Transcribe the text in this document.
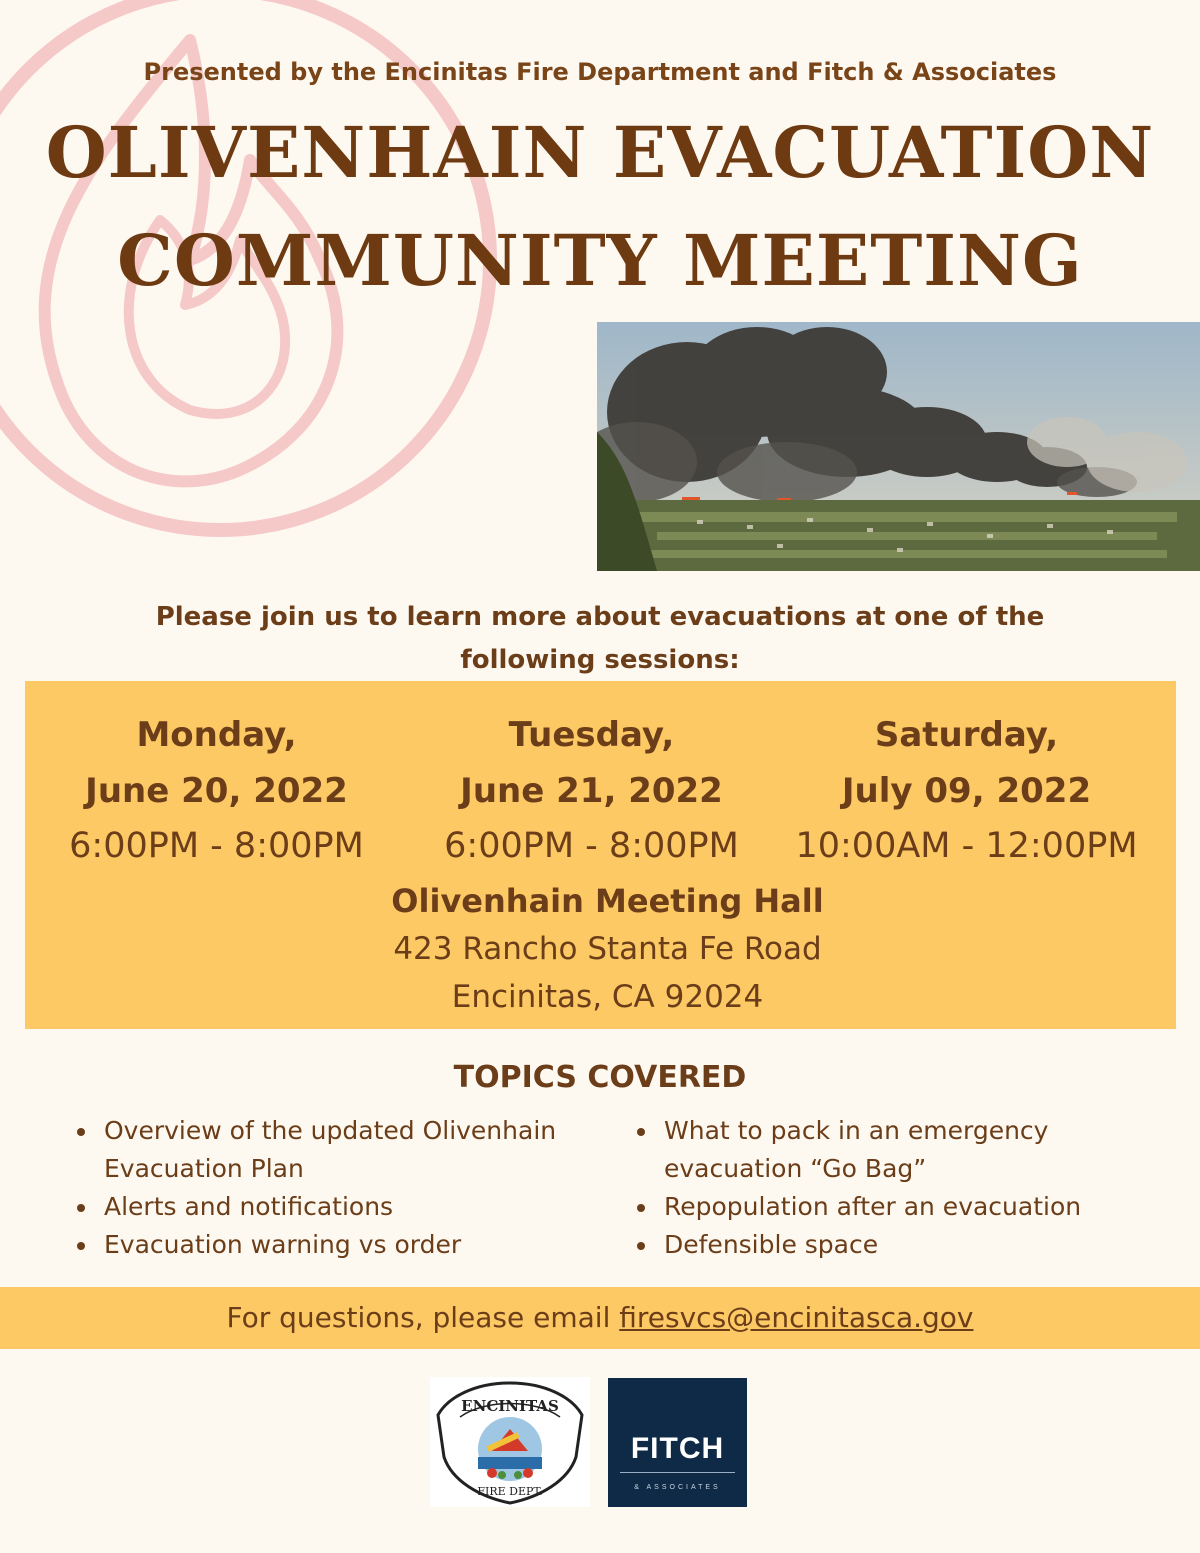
Presented by the Encinitas Fire Department and Fitch & Associates
OLIVENHAIN EVACUATION
COMMUNITY MEETING
Please join us to learn more about evacuations at one of the following sessions:
Monday,
June 20, 2022
6:00PM - 8:00PM
Tuesday,
June 21, 2022
6:00PM - 8:00PM
Saturday,
July 09, 2022
10:00AM - 12:00PM
Olivenhain Meeting Hall
423 Rancho Stanta Fe Road
Encinitas, CA 92024
TOPICS COVERED
Overview of the updated Olivenhain Evacuation Plan
Alerts and notifications
Evacuation warning vs order
What to pack in an emergency evacuation “Go Bag”
Repopulation after an evacuation
Defensible space
For questions, please email firesvcs@encinitasca.gov
ENCINITAS
FIRE DEPT.
FITCH
& ASSOCIATES
